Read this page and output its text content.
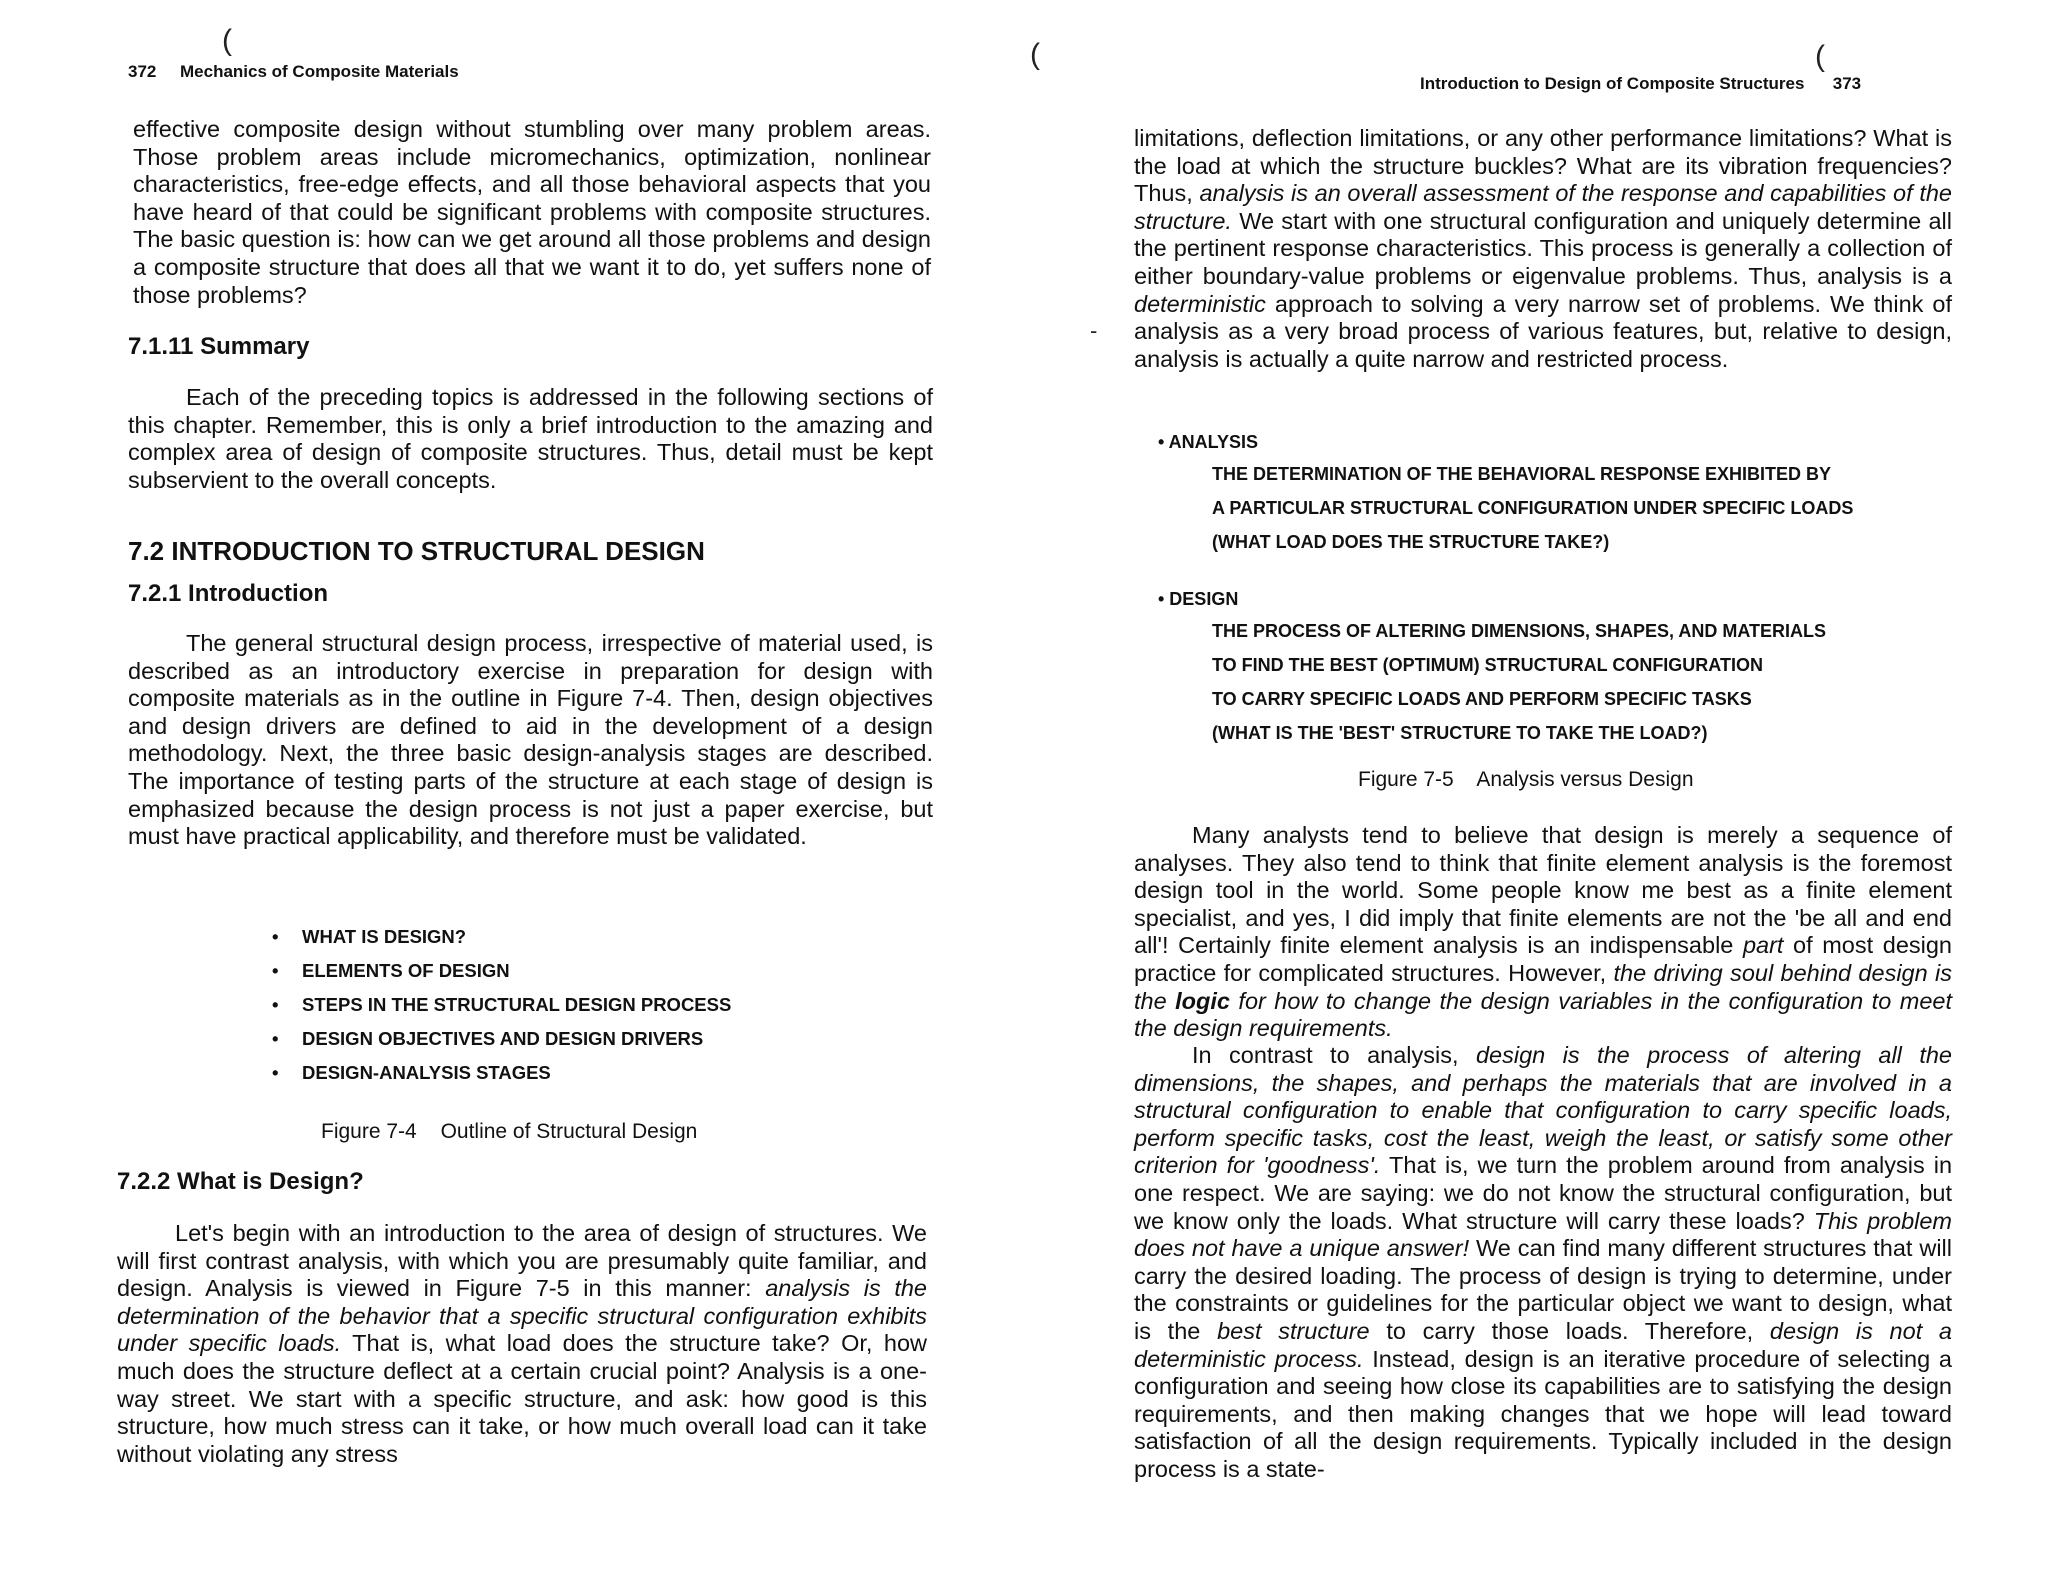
(
372 Mechanics of Composite Materials

effective composite design without stumbling over many problem areas. Those problem areas include micromechanics, optimization, nonlinear characteristics, free-edge effects, and all those behavioral aspects that you have heard of that could be significant problems with composite structures. The basic question is: how can we get around all those problems and design a composite structure that does all that we want it to do, yet suffers none of those problems?

7.1.11 Summary

Each of the preceding topics is addressed in the following sections of this chapter. Remember, this is only a brief introduction to the amazing and complex area of design of composite structures. Thus, detail must be kept subservient to the overall concepts.

7.2 INTRODUCTION TO STRUCTURAL DESIGN
7.2.1 Introduction

The general structural design process, irrespective of material used, is described as an introductory exercise in preparation for design with composite materials as in the outline in Figure 7-4. Then, design objectives and design drivers are defined to aid in the development of a design methodology. Next, the three basic design-analysis stages are described. The importance of testing parts of the structure at each stage of design is emphasized because the design process is not just a paper exercise, but must have practical applicability, and therefore must be validated.

• WHAT IS DESIGN?
• ELEMENTS OF DESIGN
• STEPS IN THE STRUCTURAL DESIGN PROCESS
• DESIGN OBJECTIVES AND DESIGN DRIVERS
• DESIGN-ANALYSIS STAGES
Figure 7-4 Outline of Structural Design
7.2.2 What is Design?

Let's begin with an introduction to the area of design of structures. We will first contrast analysis, with which you are presumably quite familiar, and design. Analysis is viewed in Figure 7-5 in this manner: analysis is the determination of the behavior that a specific structural configuration exhibits under specific loads. That is, what load does the structure take? Or, how much does the structure deflect at a certain crucial point? Analysis is a one-way street. We start with a specific structure, and ask: how good is this structure, how much stress can it take, or how much overall load can it take without violating any stress

(	(
-
Introduction to Design of Composite Structures 373

limitations, deflection limitations, or any other performance limitations? What is the load at which the structure buckles? What are its vibration frequencies? Thus, analysis is an overall assessment of the response and capabilities of the structure. We start with one structural configuration and uniquely determine all the pertinent response characteristics. This process is generally a collection of either boundary-value problems or eigenvalue problems. Thus, analysis is a deterministic approach to solving a very narrow set of problems. We think of analysis as a very broad process of various features, but, relative to design, analysis is actually a quite narrow and restricted process.

• ANALYSIS
THE DETERMINATION OF THE BEHAVIORAL RESPONSE EXHIBITED BY
A PARTICULAR STRUCTURAL CONFIGURATION UNDER SPECIFIC LOADS
(WHAT LOAD DOES THE STRUCTURE TAKE?)
• DESIGN
THE PROCESS OF ALTERING DIMENSIONS, SHAPES, AND MATERIALS
TO FIND THE BEST (OPTIMUM) STRUCTURAL CONFIGURATION
TO CARRY SPECIFIC LOADS AND PERFORM SPECIFIC TASKS
(WHAT IS THE 'BEST' STRUCTURE TO TAKE THE LOAD?)
Figure 7-5 Analysis versus Design

Many analysts tend to believe that design is merely a sequence of analyses. They also tend to think that finite element analysis is the foremost design tool in the world. Some people know me best as a finite element specialist, and yes, I did imply that finite elements are not the 'be all and end all'! Certainly finite element analysis is an indispensable part of most design practice for complicated structures. However, the driving soul behind design is the logic for how to change the design variables in the configuration to meet the design requirements.

In contrast to analysis, design is the process of altering all the dimensions, the shapes, and perhaps the materials that are involved in a structural configuration to enable that configuration to carry specific loads, perform specific tasks, cost the least, weigh the least, or satisfy some other criterion for 'goodness'. That is, we turn the problem around from analysis in one respect. We are saying: we do not know the structural configuration, but we know only the loads. What structure will carry these loads? This problem does not have a unique answer! We can find many different structures that will carry the desired loading. The process of design is trying to determine, under the constraints or guidelines for the particular object we want to design, what is the best structure to carry those loads. Therefore, design is not a deterministic process. Instead, design is an iterative procedure of selecting a configuration and seeing how close its capabilities are to satisfying the design requirements, and then making changes that we hope will lead toward satisfaction of all the design requirements. Typically included in the design process is a state-
